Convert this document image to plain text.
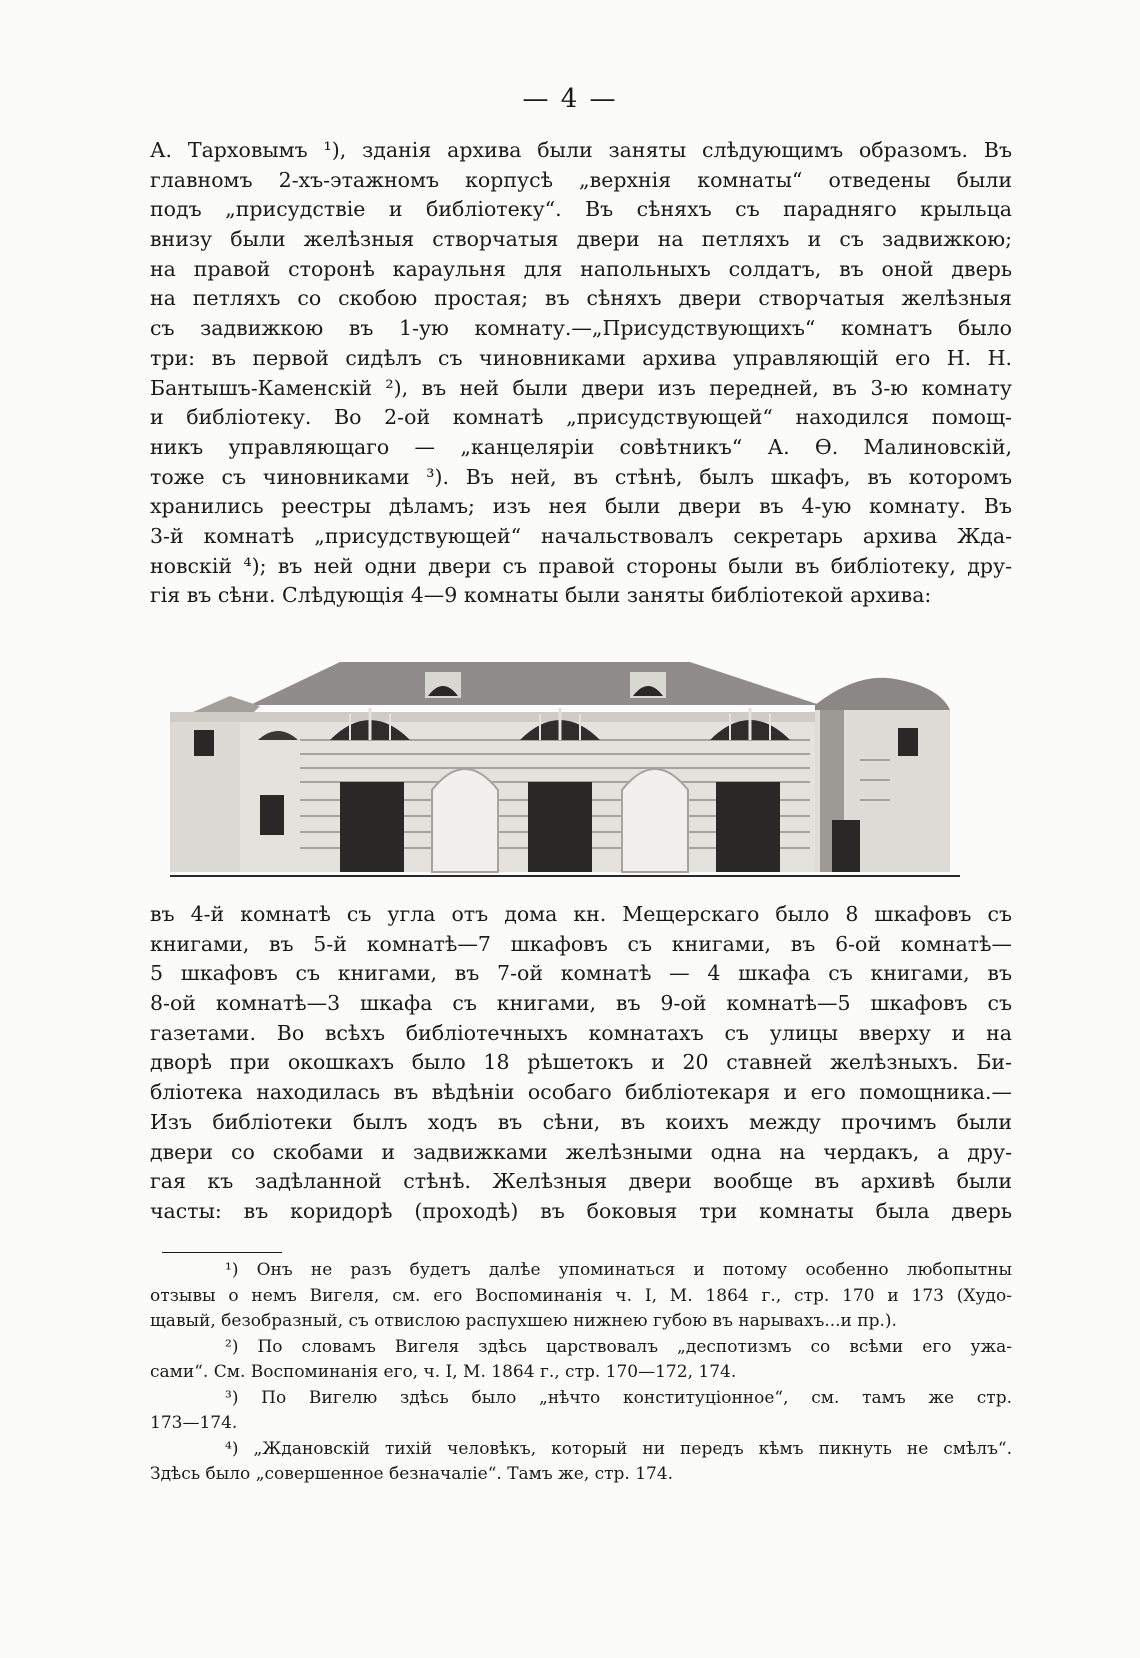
— 4 —
А. Тарховымъ ¹), зданія архива были заняты слѣдующимъ образомъ. Въ
главномъ 2-хъ-этажномъ корпусѣ „верхнія комнаты“ отведены были
подъ „присудствіе и библіотеку“. Въ сѣняхъ съ парадняго крыльца
внизу были желѣзныя створчатыя двери на петляхъ и съ задвижкою;
на правой сторонѣ караульня для напольныхъ солдатъ, въ оной дверь
на петляхъ со скобою простая; въ сѣняхъ двери створчатыя желѣзныя
съ задвижкою въ 1-ую комнату.—„Присудствующихъ“ комнатъ было
три: въ первой сидѣлъ съ чиновниками архива управляющій его Н. Н.
Бантышъ-Каменскій ²), въ ней были двери изъ передней, въ 3-ю комнату
и библіотеку. Во 2-ой комнатѣ „присудствующей“ находился помощ-
никъ управляющаго — „канцеляріи совѣтникъ“ А. Ѳ. Малиновскій,
тоже съ чиновниками ³). Въ ней, въ стѣнѣ, былъ шкафъ, въ которомъ
хранились реестры дѣламъ; изъ нея были двери въ 4-ую комнату. Въ
3-й комнатѣ „присудствующей“ начальствовалъ секретарь архива Ждa-
новскій ⁴); въ ней одни двери съ правой стороны были въ библіотеку, дру-
гія въ сѣни. Слѣдующія 4—9 комнаты были заняты библіотекой архива:
въ 4-й комнатѣ съ угла отъ дома кн. Мещерскаго было 8 шкафовъ съ
книгами, въ 5-й комнатѣ—7 шкафовъ съ книгами, въ 6-ой комнатѣ—
5 шкафовъ съ книгами, въ 7-ой комнатѣ — 4 шкафа съ книгами, въ
8-ой комнатѣ—3 шкафа съ книгами, въ 9-ой комнатѣ—5 шкафовъ съ
газетами. Во всѣхъ библіотечныхъ комнатахъ съ улицы вверху и на
дворѣ при окошкахъ было 18 рѣшетокъ и 20 ставней желѣзныхъ. Би-
бліотека находилась въ вѣдѣніи особаго библіотекаря и его помощника.—
Изъ библіотеки былъ ходъ въ сѣни, въ коихъ между прочимъ были
двери со скобами и задвижками желѣзными одна на чердакъ, а дру-
гая къ задѣланной стѣнѣ. Желѣзныя двери вообще въ архивѣ были
часты: въ коридорѣ (проходѣ) въ боковыя три комнаты была дверь
¹) Онъ не разъ будетъ далѣе упоминаться и потому особенно любопытны
отзывы о немъ Вигеля, см. его Воспоминанія ч. I, М. 1864 г., стр. 170 и 173 (Худо-
щавый, безобразный, съ отвислою распухшею нижнею губою въ нарывахъ...и пр.).
²) По словамъ Вигеля здѣсь царствовалъ „деспотизмъ со всѣми его ужа-
сами“. См. Воспоминанія его, ч. I, М. 1864 г., стр. 170—172, 174.
³) По Вигелю здѣсь было „нѣчто конституціонное“, см. тамъ же стр.
173—174.
⁴) „Ждановскій тихій человѣкъ, который ни передъ кѣмъ пикнуть не смѣлъ“.
Здѣсь было „совершенное безначаліе“. Тамъ же, стр. 174.
